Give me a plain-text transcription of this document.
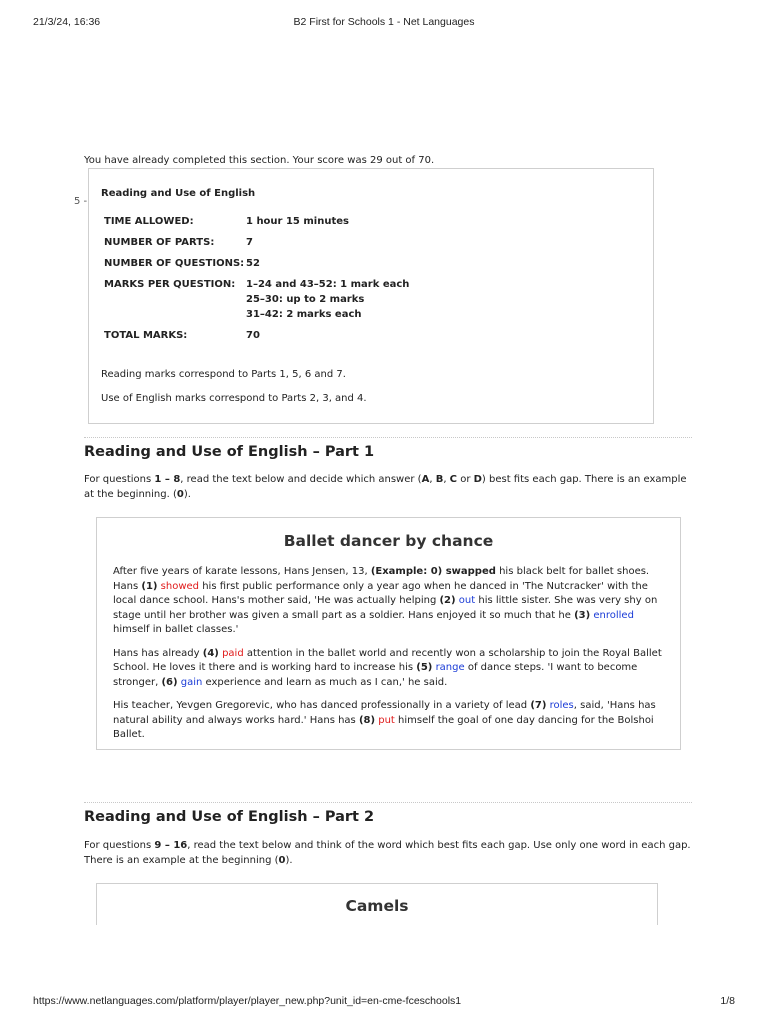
21/3/24, 16:36	B2 First for Schools 1 - Net Languages
You have already completed this section. Your score was 29 out of 70.
5 -
Reading and Use of English
TIME ALLOWED:	1 hour 15 minutes
NUMBER OF PARTS:	7
NUMBER OF QUESTIONS:	52
MARKS PER QUESTION:	1–24 and 43–52: 1 mark each
25–30: up to 2 marks
31–42: 2 marks each

TOTAL MARKS:	70
Reading marks correspond to Parts 1, 5, 6 and 7.
Use of English marks correspond to Parts 2, 3, and 4.
Reading and Use of English – Part 1
For questions 1 – 8, read the text below and decide which answer (A, B, C or D) best fits each gap. There is an example at the beginning. (0).
Ballet dancer by chance

After five years of karate lessons, Hans Jensen, 13, (Example: 0) swapped his black belt for ballet shoes. Hans (1) showed his first public performance only a year ago when he danced in 'The Nutcracker' with the local dance school. Hans's mother said, 'He was actually helping (2) out his little sister. She was very shy on stage until her brother was given a small part as a soldier. Hans enjoyed it so much that he (3) enrolled himself in ballet classes.'

Hans has already (4) paid attention in the ballet world and recently won a scholarship to join the Royal Ballet School. He loves it there and is working hard to increase his (5) range of dance steps. 'I want to become stronger, (6) gain experience and learn as much as I can,' he said.

His teacher, Yevgen Gregorevic, who has danced professionally in a variety of lead (7) roles, said, 'Hans has natural ability and always works hard.' Hans has (8) put himself the goal of one day dancing for the Bolshoi Ballet.

Reading and Use of English – Part 2
For questions 9 – 16, read the text below and think of the word which best fits each gap. Use only one word in each gap. There is an example at the beginning (0).
Camels
https://www.netlanguages.com/platform/player/player_new.php?unit_id=en-cme-fceschools1	1/8
